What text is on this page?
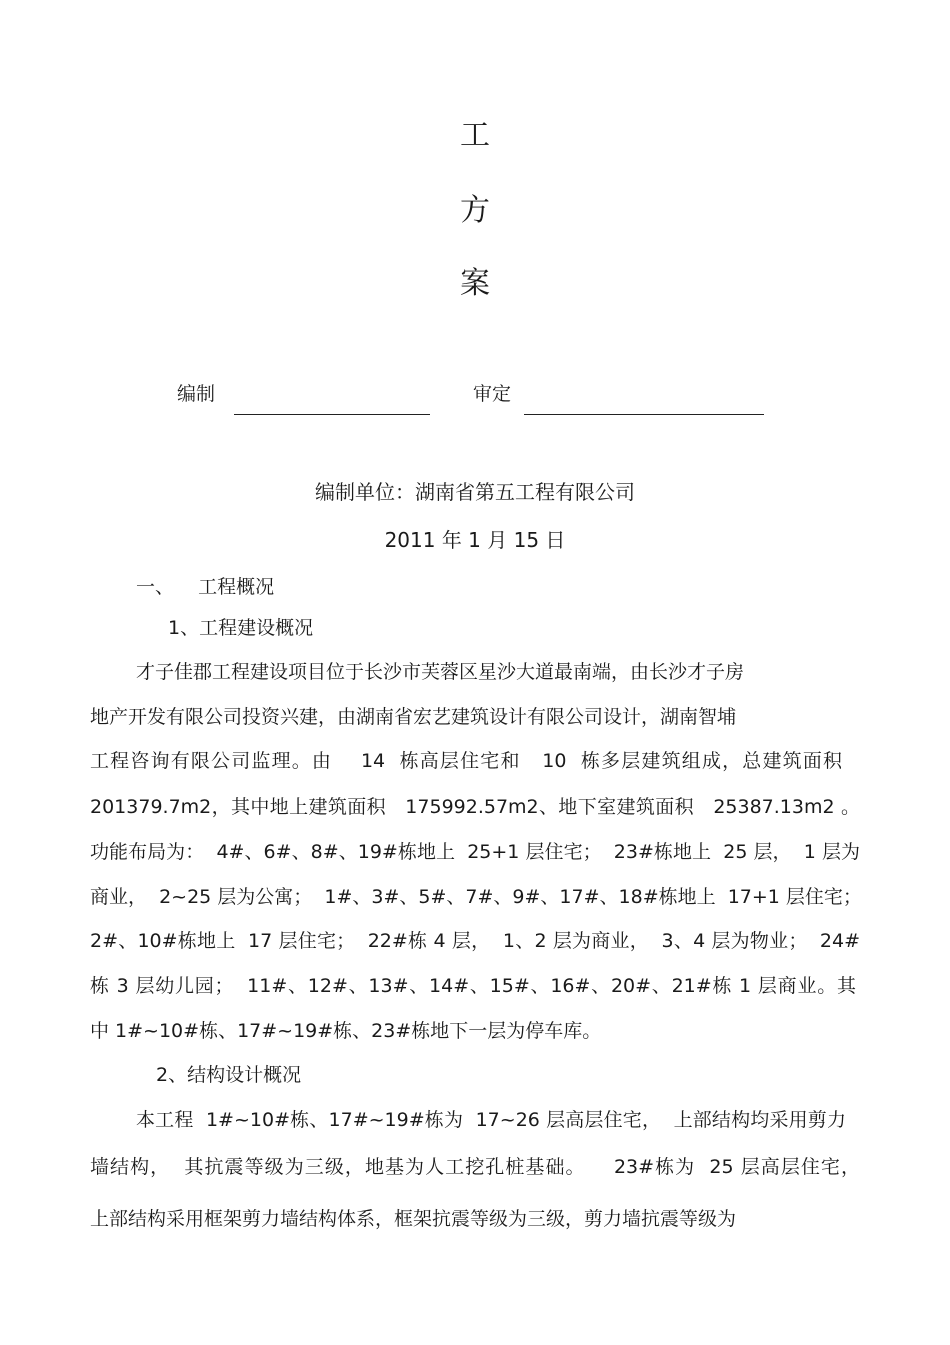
工
方
案
编制	审定
编制单位：湖南省第五工程有限公司
2011 年 1 月 15 日
一、    工程概况
1、工程建设概况
才子佳郡工程建设项目位于长沙市芙蓉区星沙大道最南端，由长沙才子房
地产开发有限公司投资兴建，由湖南省宏艺建筑设计有限公司设计，湖南智埔
工程咨询有限公司监理。由    14  栋高层住宅和   10  栋多层建筑组成，总建筑面积
201379.7m2，其中地上建筑面积   175992.57m2、地下室建筑面积   25387.13m2 。
功能布局为：  4#、6#、8#、19#栋地上  25+1 层住宅；  23#栋地上  25 层，  1 层为
商业，  2~25 层为公寓；  1#、3#、5#、7#、9#、17#、18#栋地上  17+1 层住宅；
2#、10#栋地上  17 层住宅；  22#栋 4 层，  1、2 层为商业，  3、4 层为物业；  24#
栋 3 层幼儿园；  11#、12#、13#、14#、15#、16#、20#、21#栋 1 层商业。其
中 1#~10#栋、17#~19#栋、23#栋地下一层为停车库。
2、结构设计概况
本工程  1#~10#栋、17#~19#栋为  17~26 层高层住宅，  上部结构均采用剪力
墙结构，  其抗震等级为三级，地基为人工挖孔桩基础。    23#栋为  25 层高层住宅，
上部结构采用框架剪力墙结构体系，框架抗震等级为三级，剪力墙抗震等级为
